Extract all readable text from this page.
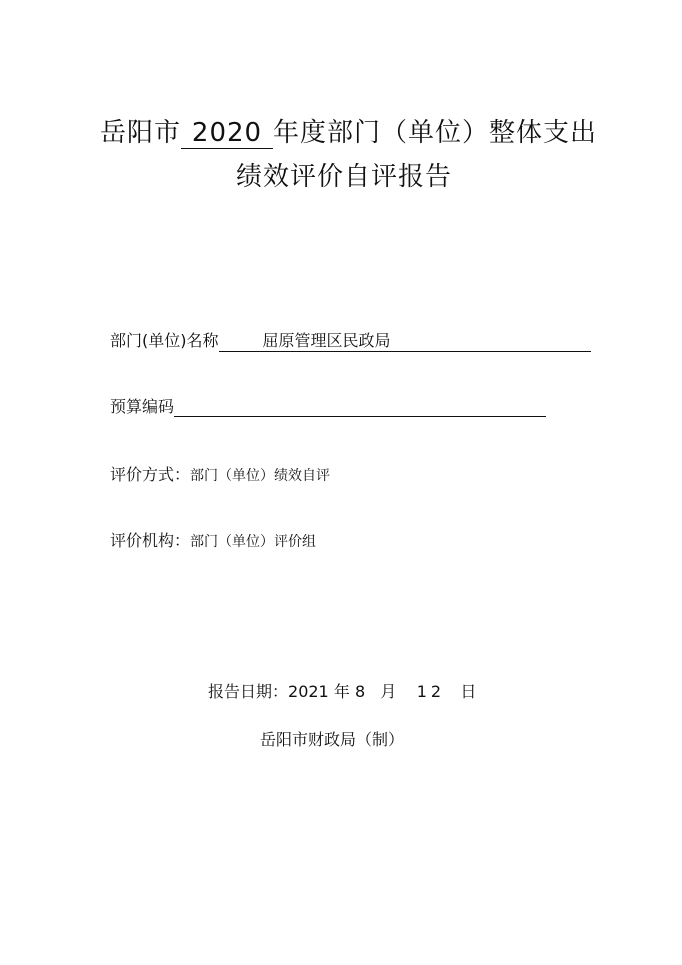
岳阳市 2020 年度部门（单位）整体支出
绩效评价自评报告
部门(单位)名称	屈原管理区民政局
预算编码
评价方式：部门（单位）绩效自评
评价机构：部门（单位）评价组
报告日期：2021 年 8 月 12 日
岳阳市财政局（制）
